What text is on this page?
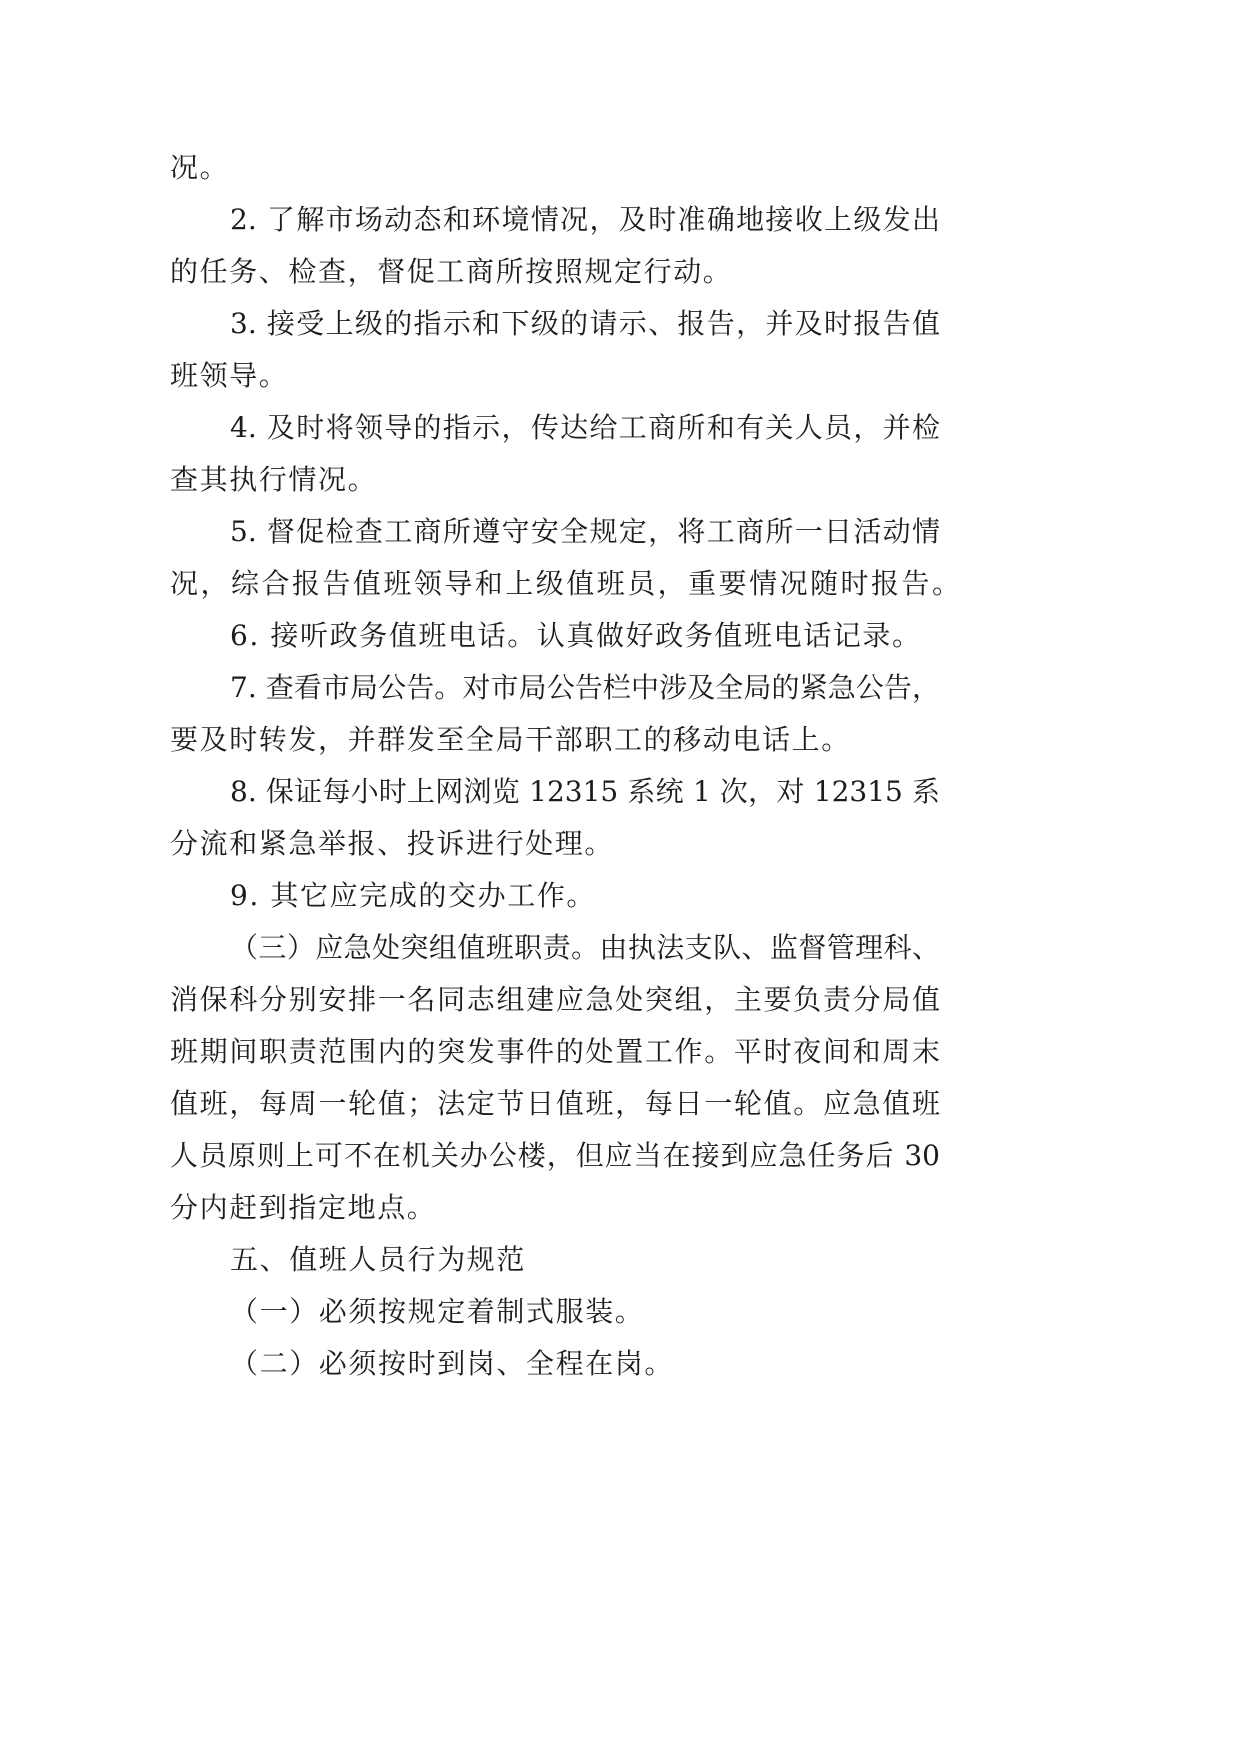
况。
2. 了解市场动态和环境情况，及时准确地接收上级发出
的任务、检查，督促工商所按照规定行动。
3. 接受上级的指示和下级的请示、报告，并及时报告值
班领导。
4. 及时将领导的指示，传达给工商所和有关人员，并检
查其执行情况。
5. 督促检查工商所遵守安全规定，将工商所一日活动情
况，综合报告值班领导和上级值班员，重要情况随时报告。
6. 接听政务值班电话。认真做好政务值班电话记录。
7. 查看市局公告。对市局公告栏中涉及全局的紧急公告，
要及时转发，并群发至全局干部职工的移动电话上。
8. 保证每小时上网浏览 12315 系统 1 次，对 12315 系
分流和紧急举报、投诉进行处理。
9. 其它应完成的交办工作。
（三）应急处突组值班职责。由执法支队、监督管理科、
消保科分别安排一名同志组建应急处突组，主要负责分局值
班期间职责范围内的突发事件的处置工作。平时夜间和周末
值班，每周一轮值；法定节日值班，每日一轮值。应急值班
人员原则上可不在机关办公楼，但应当在接到应急任务后 30
分内赶到指定地点。
五、值班人员行为规范
（一）必须按规定着制式服装。
（二）必须按时到岗、全程在岗。
